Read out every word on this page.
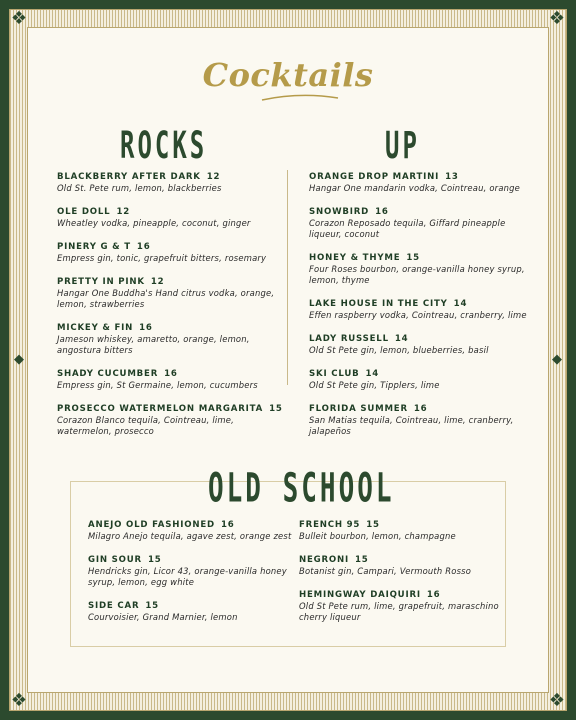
❖	❖
❖	❖
◆	◆
Cocktails
ROCKS	UP
BLACKBERRY AFTER DARK 12
Old St. Pete rum, lemon, blackberries
OLE DOLL 12
Wheatley vodka, pineapple, coconut, ginger
PINERY G & T 16
Empress gin, tonic, grapefruit bitters, rosemary
PRETTY IN PINK 12
Hangar One Buddha's Hand citrus vodka, orange, lemon, strawberries
MICKEY & FIN 16
Jameson whiskey, amaretto, orange, lemon, angostura bitters
SHADY CUCUMBER 16
Empress gin, St Germaine, lemon, cucumbers
PROSECCO WATERMELON MARGARITA 15
Corazon Blanco tequila, Cointreau, lime, watermelon, prosecco
ORANGE DROP MARTINI 13
Hangar One mandarin vodka, Cointreau, orange
SNOWBIRD 16
Corazon Reposado tequila, Giffard pineapple liqueur, coconut
HONEY & THYME 15
Four Roses bourbon, orange-vanilla honey syrup, lemon, thyme
LAKE HOUSE IN THE CITY 14
Effen raspberry vodka, Cointreau, cranberry, lime
LADY RUSSELL 14
Old St Pete gin, lemon, blueberries, basil
SKI CLUB 14
Old St Pete gin, Tipplers, lime
FLORIDA SUMMER 16
San Matias tequila, Cointreau, lime, cranberry, jalapeños
OLD SCHOOL
ANEJO OLD FASHIONED 16
Milagro Anejo tequila, agave zest, orange zest
GIN SOUR 15
Hendricks gin, Licor 43, orange-vanilla honey syrup, lemon, egg white
SIDE CAR 15
Courvoisier, Grand Marnier, lemon
FRENCH 95 15
Bulleit bourbon, lemon, champagne
NEGRONI 15
Botanist gin, Campari, Vermouth Rosso
HEMINGWAY DAIQUIRI 16
Old St Pete rum, lime, grapefruit, maraschino cherry liqueur
